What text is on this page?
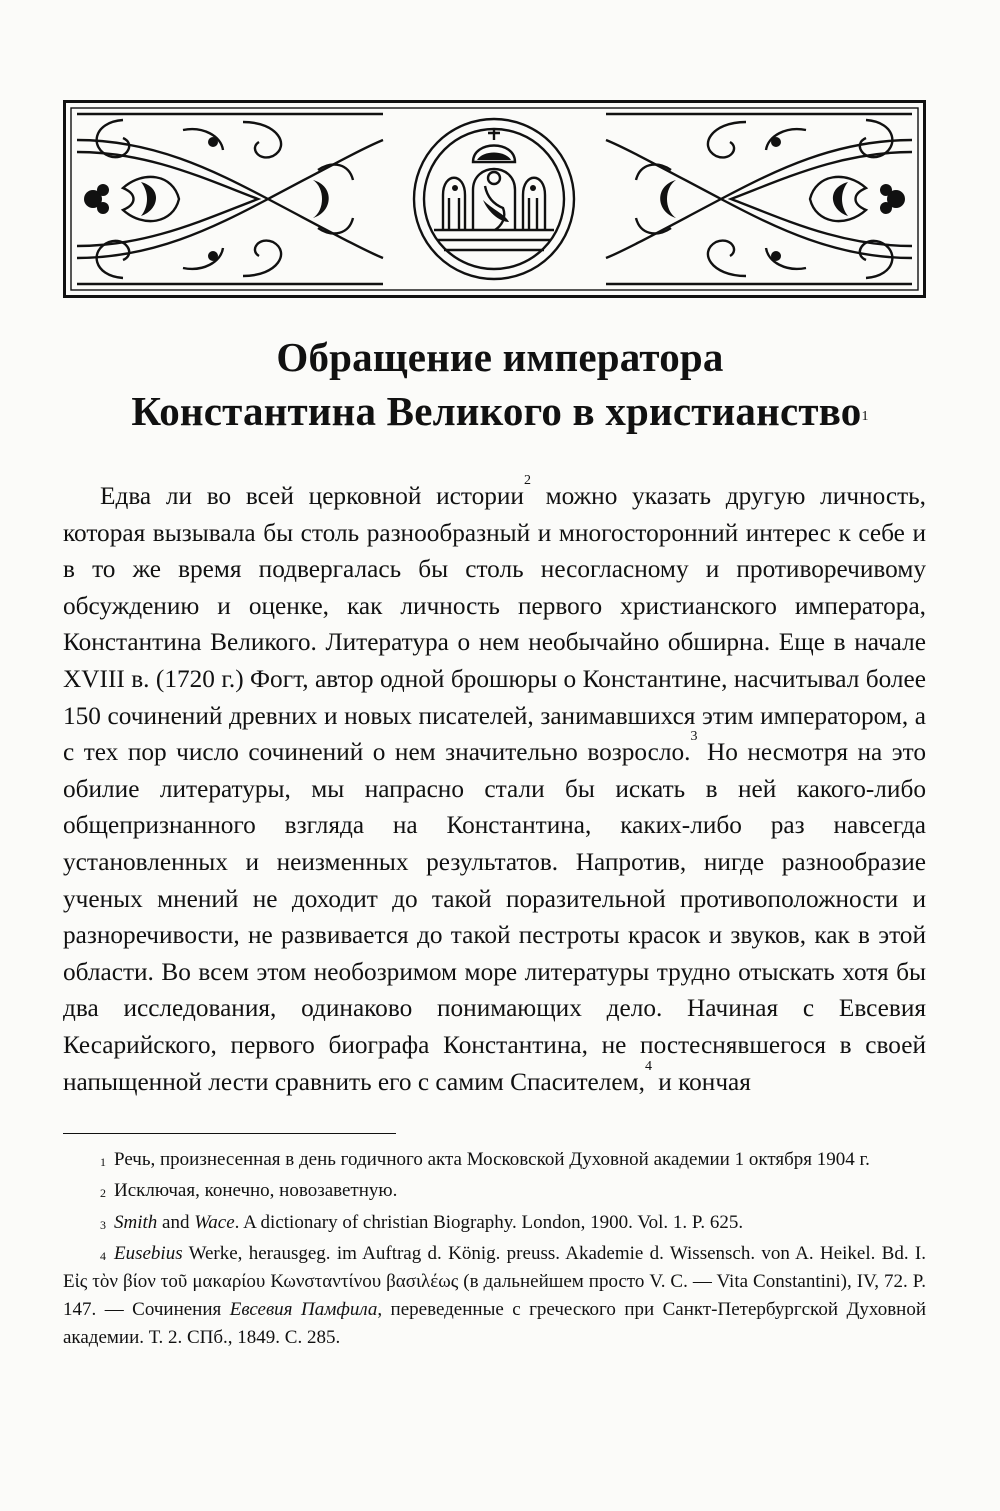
Обращение императора
Константина Великого в христианство$^1$

Едва ли во всей церковной истории$^2$ можно указать другую личность, которая вызывала бы столь разнообразный и многосторонний интерес к себе и в то же время подвергалась бы столь несогласному и противоречивому обсуждению и оценке, как личность первого христианского императора, Константина Великого. Литература о нем необычайно обширна. Еще в начале XVIII в. (1720 г.) Фогт, автор одной брошюры о Константине, насчитывал более 150 сочинений древних и новых писателей, занимавшихся этим императором, а с тех пор число сочинений о нем значительно возросло.$^3$ Но несмотря на это обилие литературы, мы напрасно стали бы искать в ней какого-либо общепризнанного взгляда на Константина, каких-либо раз навсегда установленных и неизменных результатов. Напротив, нигде разнообразие ученых мнений не доходит до такой поразительной противоположности и разноречивости, не развивается до такой пестроты красок и звуков, как в этой области. Во всем этом необозримом море литературы трудно отыскать хотя бы два исследования, одинаково понимающих дело. Начиная с Евсевия Кесарийского, первого биографа Константина, не постеснявшегося в своей напыщенной лести сравнить его с самим Спасителем,$^4$ и кончая

$^1$ Речь, произнесенная в день годичного акта Московской Духовной академии 1 октября 1904 г.

$^2$ Исключая, конечно, новозаветную.

$^3$ Smith and Wace. A dictionary of christian Biography. London, 1900. Vol. 1. P. 625.

$^4$ Eusebius Werke, herausgeg. im Auftrag d. König. preuss. Akademie d. Wissensch. von A. Heikel. Bd. I. Εἰς τὸν βίον τοῦ μακαρίου Κωνσταντίνου βασιλέως (в дальнейшем просто V. C. — Vita Constantini), IV, 72. P. 147. — Сочинения Евсевия Памфила, переведенные с греческого при Санкт-Петербургской Духовной академии. Т. 2. СПб., 1849. С. 285.
